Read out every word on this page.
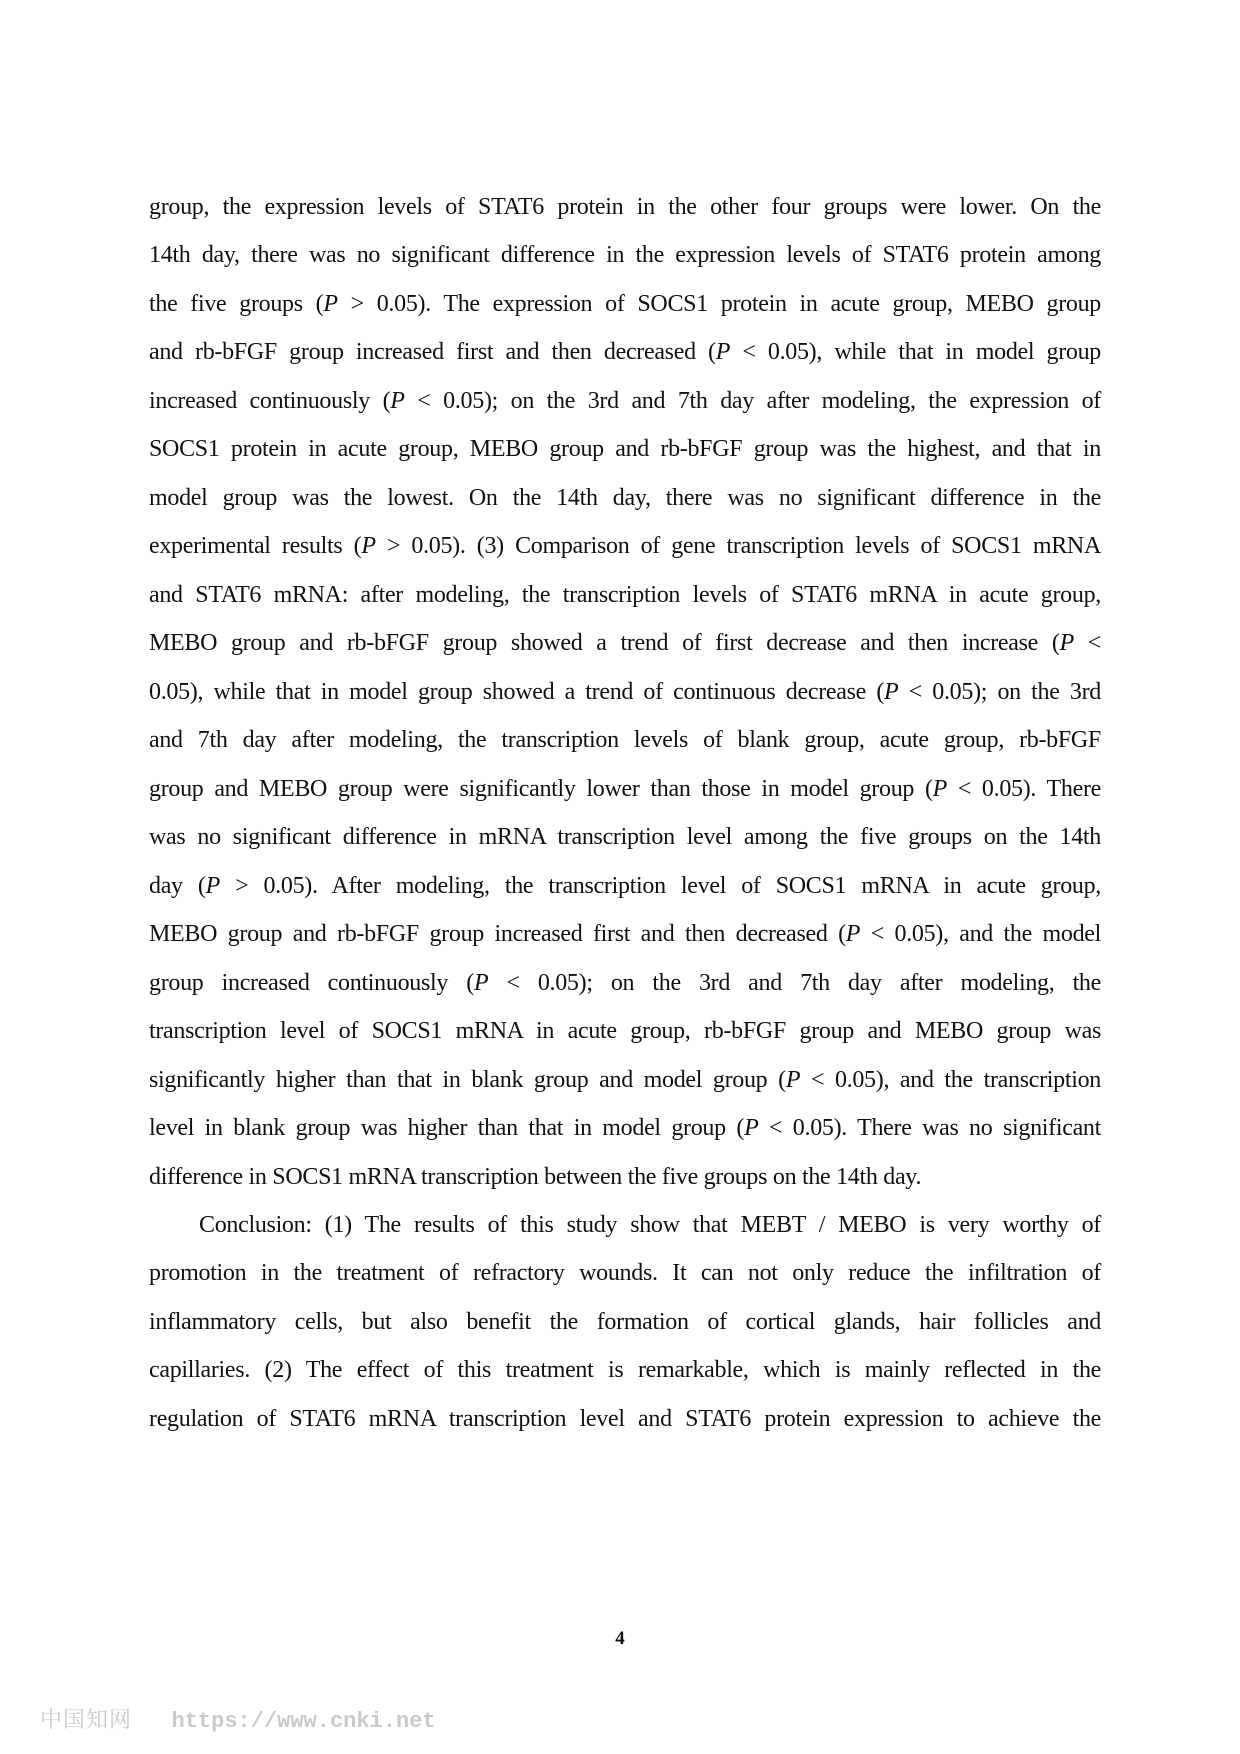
group, the expression levels of STAT6 protein in the other four groups were lower. On the
14th day, there was no significant difference in the expression levels of STAT6 protein among
the five groups (P > 0.05). The expression of SOCS1 protein in acute group, MEBO group
and rb-bFGF group increased first and then decreased (P < 0.05), while that in model group
increased continuously (P < 0.05); on the 3rd and 7th day after modeling, the expression of
SOCS1 protein in acute group, MEBO group and rb-bFGF group was the highest, and that in
model group was the lowest. On the 14th day, there was no significant difference in the
experimental results (P > 0.05). (3) Comparison of gene transcription levels of SOCS1 mRNA
and STAT6 mRNA: after modeling, the transcription levels of STAT6 mRNA in acute group,
MEBO group and rb-bFGF group showed a trend of first decrease and then increase (P <
0.05), while that in model group showed a trend of continuous decrease (P < 0.05); on the 3rd
and 7th day after modeling, the transcription levels of blank group, acute group, rb-bFGF
group and MEBO group were significantly lower than those in model group (P < 0.05). There
was no significant difference in mRNA transcription level among the five groups on the 14th
day (P > 0.05). After modeling, the transcription level of SOCS1 mRNA in acute group,
MEBO group and rb-bFGF group increased first and then decreased (P < 0.05), and the model
group increased continuously (P < 0.05); on the 3rd and 7th day after modeling, the
transcription level of SOCS1 mRNA in acute group, rb-bFGF group and MEBO group was
significantly higher than that in blank group and model group (P < 0.05), and the transcription
level in blank group was higher than that in model group (P < 0.05). There was no significant
difference in SOCS1 mRNA transcription between the five groups on the 14th day.
Conclusion: (1) The results of this study show that MEBT / MEBO is very worthy of
promotion in the treatment of refractory wounds. It can not only reduce the infiltration of
inflammatory cells, but also benefit the formation of cortical glands, hair follicles and
capillaries. (2) The effect of this treatment is remarkable, which is mainly reflected in the
regulation of STAT6 mRNA transcription level and STAT6 protein expression to achieve the
4
中国知网 https://www.cnki.net
